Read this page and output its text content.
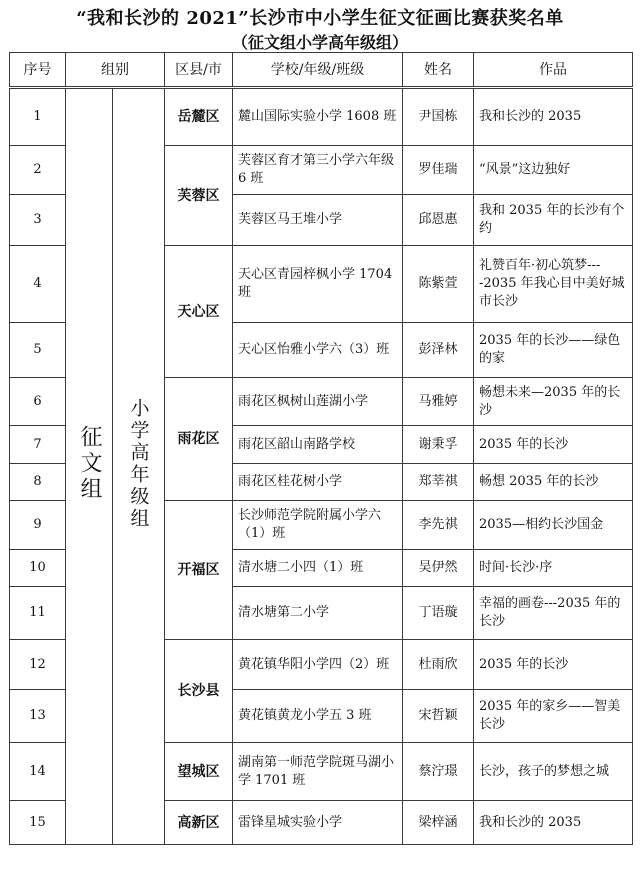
“我和长沙的 2021”长沙市中小学生征文征画比赛获奖名单
（征文组小学高年级组）
序号	组别		区县/市	学校/年级/班级	姓名	作品
1	征文组	小学高年级组	岳麓区	麓山国际实验小学 1608 班	尹国栋	我和长沙的 2035
2			芙蓉区	芙蓉区育才第三小学六年级 6 班	罗佳瑞	“风景”这边独好
3				芙蓉区马王堆小学	邱恩惠	我和 2035 年的长沙有个约
4			天心区	天心区青园梓枫小学 1704 班	陈紫萱	礼赞百年·初心筑梦----2035 年我心目中美好城市长沙
5				天心区怡雅小学六（3）班	彭泽林	2035 年的长沙——绿色的家
6			雨花区	雨花区枫树山莲湖小学	马雅婷	畅想未来—2035 年的长沙
7				雨花区韶山南路学校	谢秉孚	2035 年的长沙
8				雨花区桂花树小学	郑莘祺	畅想 2035 年的长沙
9			开福区	长沙师范学院附属小学六（1）班	李先祺	2035—相约长沙国金
10				清水塘二小四（1）班	吴伊然	时间·长沙·序
11				清水塘第二小学	丁语璇	幸福的画卷---2035 年的长沙
12			长沙县	黄花镇华阳小学四（2）班	杜雨欣	2035 年的长沙
13				黄花镇黄龙小学五 3 班	宋哲颖	2035 年的家乡——智美长沙
14			望城区	湖南第一师范学院斑马湖小学 1701 班	蔡泞璟	长沙，孩子的梦想之城
15			高新区	雷锋星城实验小学	梁梓涵	我和长沙的 2035
